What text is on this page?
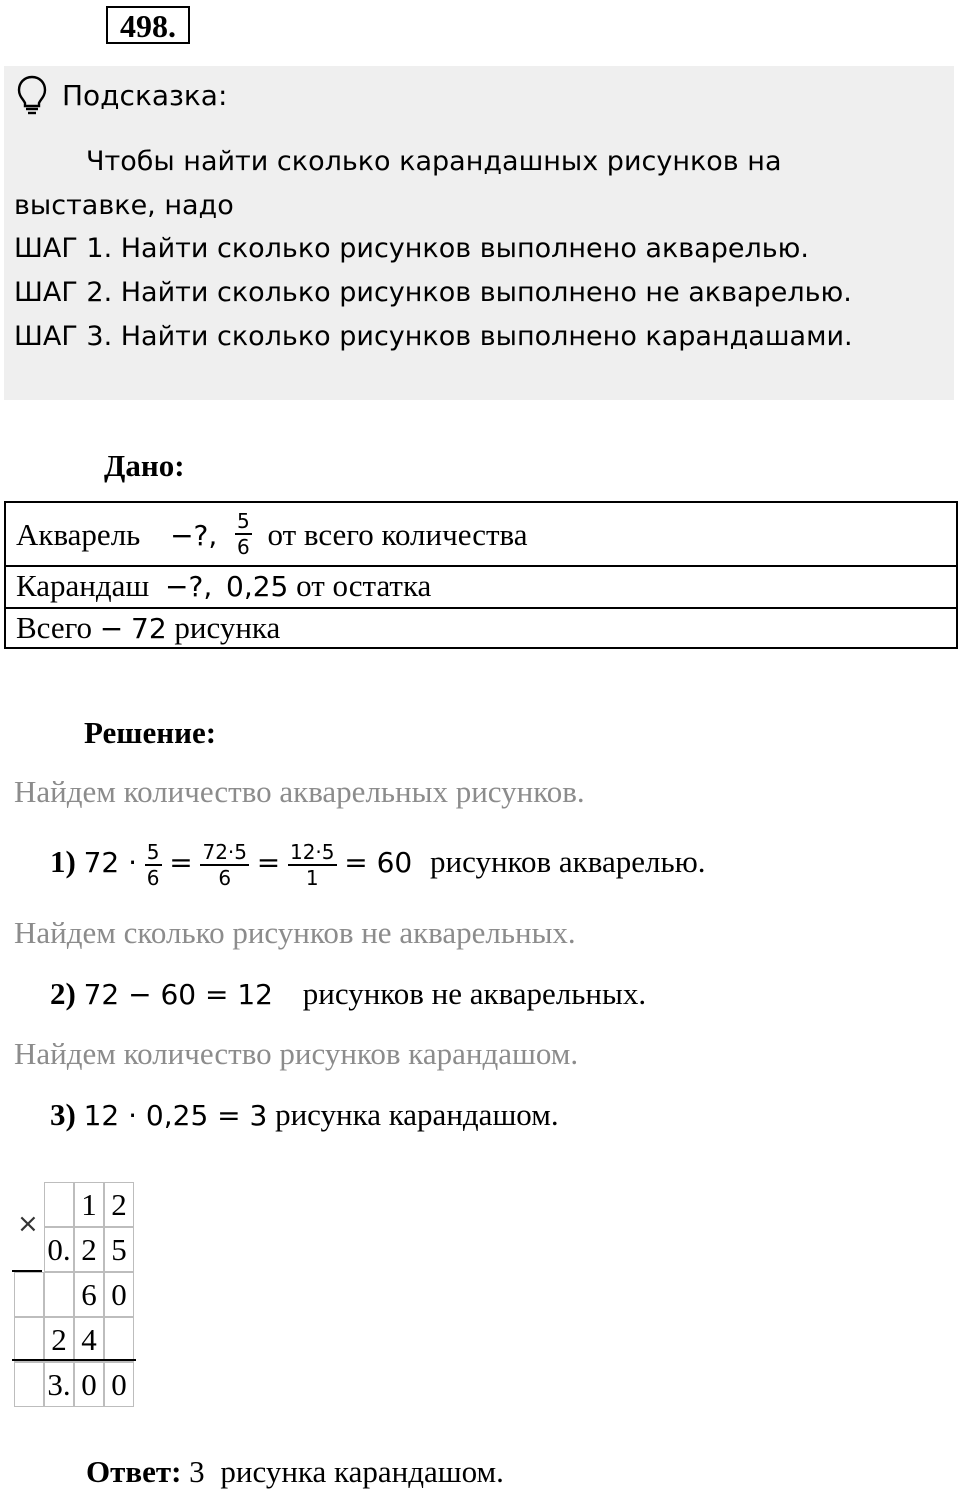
498.
Подсказка:
Чтобы найти сколько карандашных рисунков на
выставке, надо
ШАГ 1. Найти сколько рисунков выполнено акварелью.
ШАГ 2. Найти сколько рисунков выполнено не акварелью.
ШАГ 3. Найти сколько рисунков выполнено карандашами.
Дано:
Акварель −?, $\frac{5}{6}$ от всего количества
Карандаш −?, 0,25 от остатка
Всего − 72 рисунка
Решение:
Найдем количество акварельных рисунков.
1) $72 \cdot \frac{5}{6} = \frac{72\cdot 5}{6} = \frac{12\cdot 5}{1} = 60$ рисунков акварелью.
Найдем сколько рисунков не акварельных.
2) 72 − 60 = 12 рисунков не акварельных.
Найдем количество рисунков карандашом.
3) 12 · 0,25 = 3 рисунка карандашом.
1 2
0. 2 5
6 0
2 4
3. 0 0
×
Ответ: 3 рисунка карандашом.
